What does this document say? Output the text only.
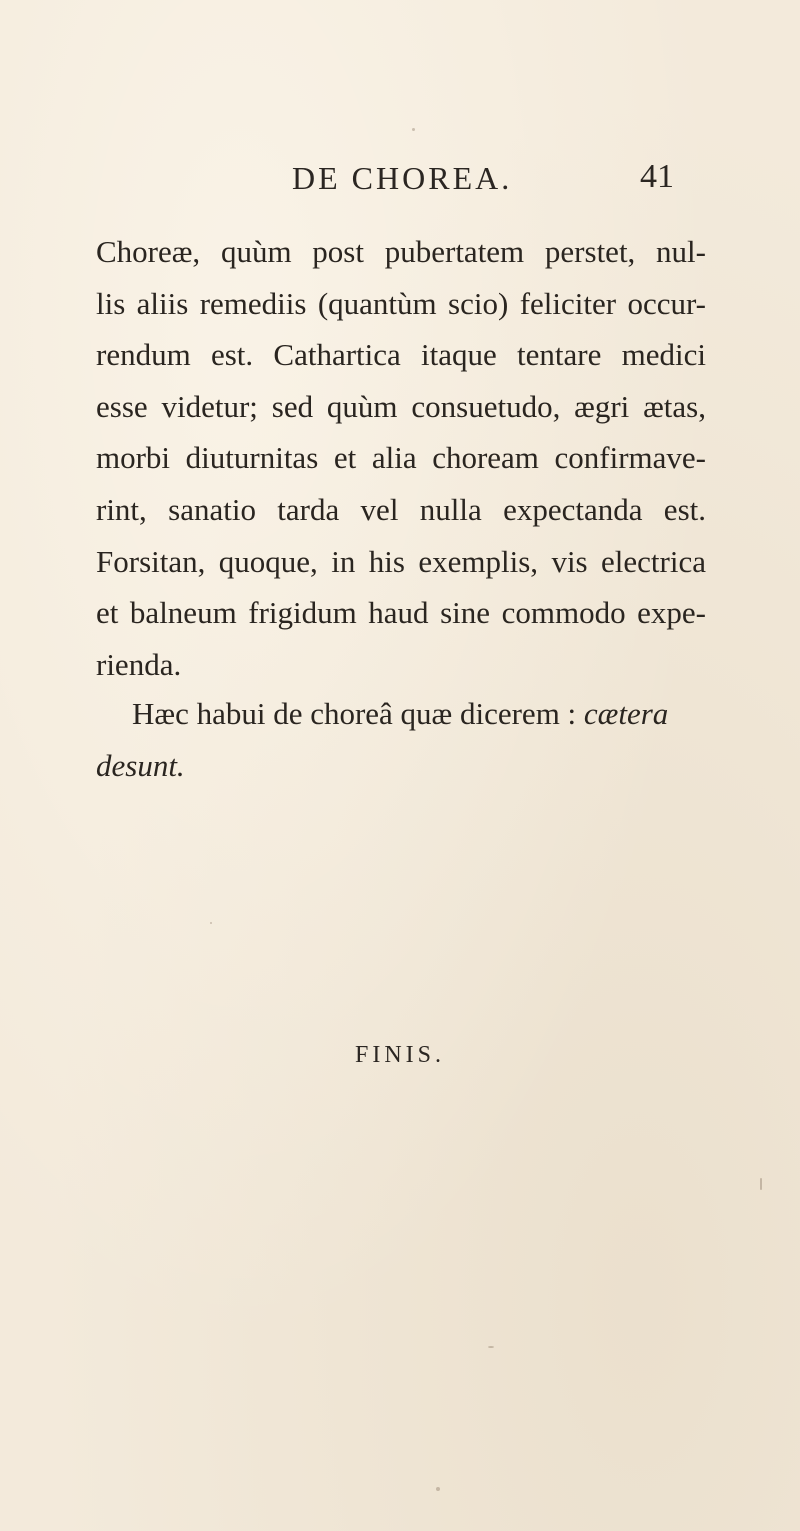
DE CHOREA.	41
Choreæ, quùm post pubertatem perstet, nul-
lis aliis remediis (quantùm scio) feliciter occur-
rendum est. Cathartica itaque tentare medici
esse videtur; sed quùm consuetudo, ægri ætas,
morbi diuturnitas et alia choream confirmave-
rint, sanatio tarda vel nulla expectanda est.
Forsitan, quoque, in his exemplis, vis electrica
et balneum frigidum haud sine commodo expe-
rienda.
Hæc habui de choreâ quæ dicerem : cætera
desunt.
FINIS.
